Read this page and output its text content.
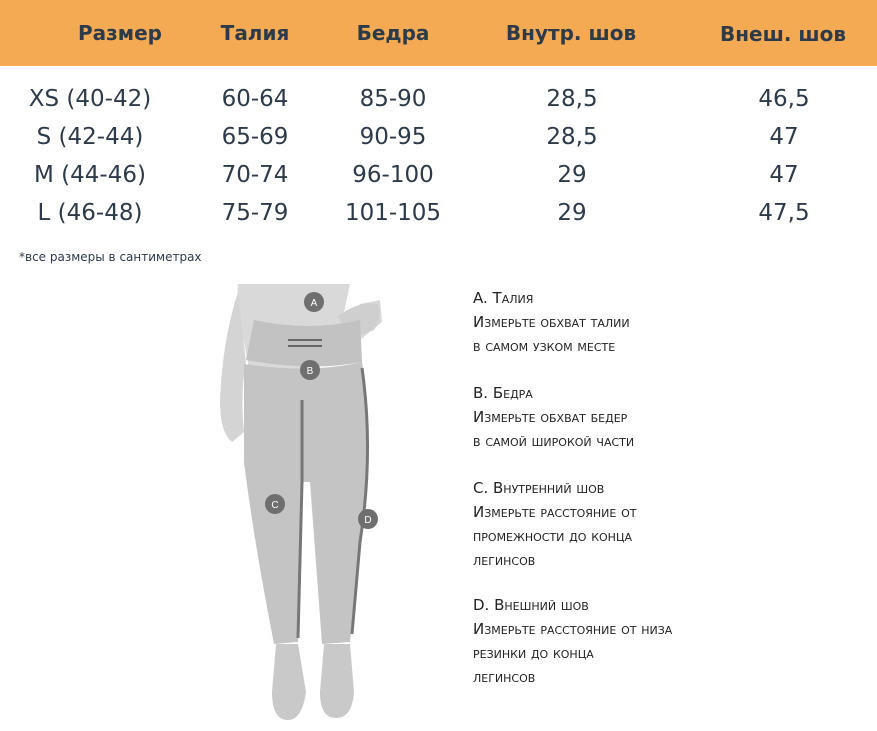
Размер	Талия	Бедра	Внутр. шов	Внеш. шов
XS (40-42)	60-64	85-90	28,5	46,5
S (42-44)	65-69	90-95	28,5	47
M (44-46)	70-74	96-100	29	47
L (46-48)	75-79	101-105	29	47,5
*все размеры в сантиметрах
A
B
C
D
A. Талия
Измерьте обхват талии
в самом узком месте
B. Бедра
Измерьте обхват бедер
в самой широкой части
C. Внутренний шов
Измерьте расстояние от
промежности до конца
легинсов
D. Внешний шов
Измерьте расстояние от низа
резинки до конца
легинсов
